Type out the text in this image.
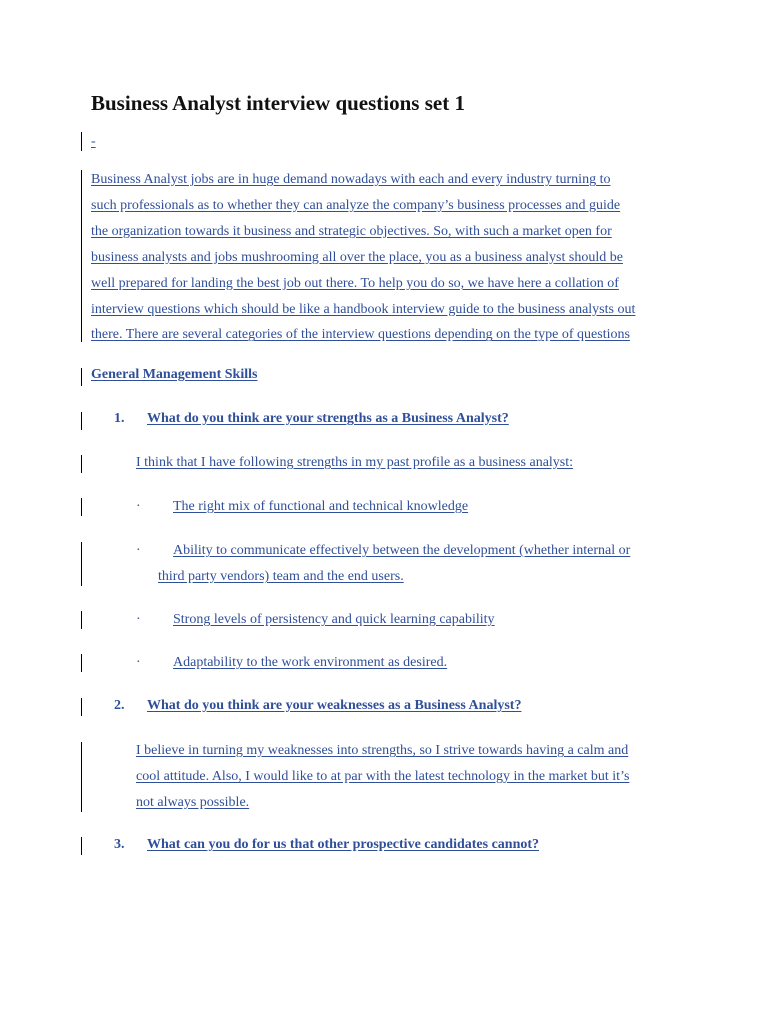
Business Analyst interview questions set 1
-
Business Analyst jobs are in huge demand nowadays with each and every industry turning to
such professionals as to whether they can analyze the company’s business processes and guide
the organization towards it business and strategic objectives. So, with such a market open for
business analysts and jobs mushrooming all over the place, you as a business analyst should be
well prepared for landing the best job out there. To help you do so, we have here a collation of
interview questions which should be like a handbook interview guide to the business analysts out
there. There are several categories of the interview questions depending on the type of questions
General Management Skills
1. What do you think are your strengths as a Business Analyst?
I think that I have following strengths in my past profile as a business analyst:
· The right mix of functional and technical knowledge
· Ability to communicate effectively between the development (whether internal or
third party vendors) team and the end users.
· Strong levels of persistency and quick learning capability
· Adaptability to the work environment as desired.
2. What do you think are your weaknesses as a Business Analyst?
I believe in turning my weaknesses into strengths, so I strive towards having a calm and
cool attitude. Also, I would like to at par with the latest technology in the market but it’s
not always possible.
3. What can you do for us that other prospective candidates cannot?
